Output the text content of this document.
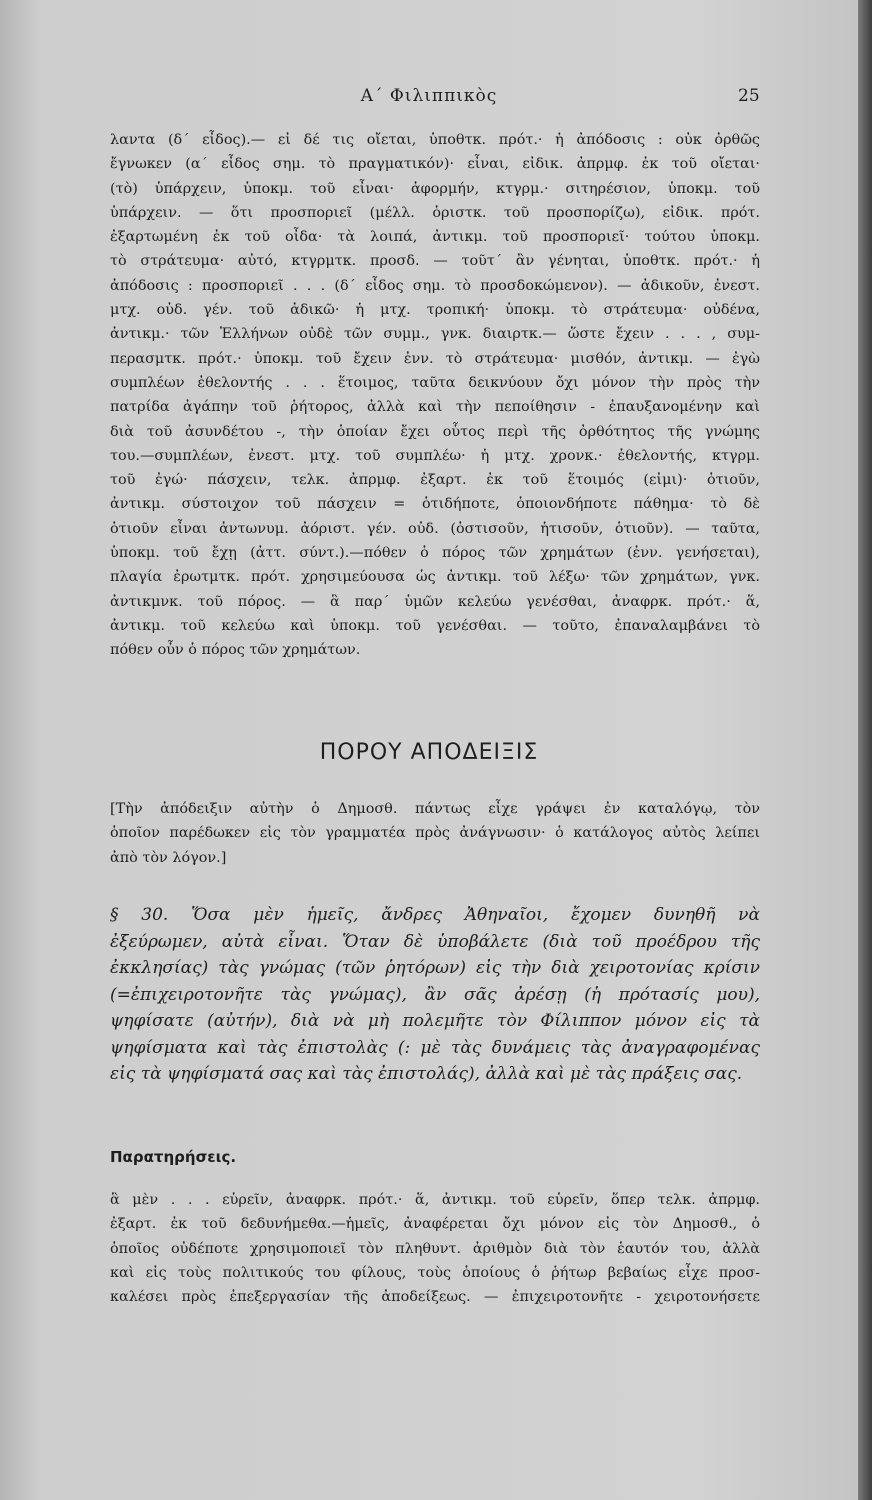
Α΄ Φιλιππικὸς	25
λαντα (δ΄ εἶδος).— εἰ δέ τις οἴεται, ὑποθτκ. πρότ.· ἡ ἀπόδοσις : οὐκ ὀρθῶς
ἔγνωκεν (α΄ εἶδος σημ. τὸ πραγματικόν)· εἶναι, εἰδικ. ἀπρμφ. ἐκ τοῦ οἴεται·
(τὸ) ὑπάρχειν, ὑποκμ. τοῦ εἶναι· ἀφορμήν, κτγρμ.· σιτηρέσιον, ὑποκμ. τοῦ
ὑπάρχειν. — ὅτι προσποριεῖ (μέλλ. ὁριστκ. τοῦ προσπορίζω), εἰδικ. πρότ.
ἐξαρτωμένη ἐκ τοῦ οἶδα· τὰ λοιπά, ἀντικμ. τοῦ προσποριεῖ· τούτου ὑποκμ.
τὸ στράτευμα· αὐτό, κτγρμτκ. προσδ. — τοῦτ΄ ἂν γένηται, ὑποθτκ. πρότ.· ἡ
ἀπόδοσις : προσποριεῖ . . . (δ΄ εἶδος σημ. τὸ προσδοκώμενον). — ἀδικοῦν, ἐνεστ.
μτχ. οὐδ. γέν. τοῦ ἀδικῶ· ἡ μτχ. τροπική· ὑποκμ. τὸ στράτευμα· οὐδένα,
ἀντικμ.· τῶν Ἑλλήνων οὐδὲ τῶν συμμ., γνκ. διαιρτκ.— ὥστε ἔχειν . . . , συμ-
περασμτκ. πρότ.· ὑποκμ. τοῦ ἔχειν ἐνν. τὸ στράτευμα· μισθόν, ἀντικμ. — ἐγὼ
συμπλέων ἐθελοντής . . . ἕτοιμος, ταῦτα δεικνύουν ὄχι μόνον τὴν πρὸς τὴν
πατρίδα ἀγάπην τοῦ ῥήτορος, ἀλλὰ καὶ τὴν πεποίθησιν - ἐπαυξανομένην καὶ
διὰ τοῦ ἀσυνδέτου -, τὴν ὁποίαν ἔχει οὗτος περὶ τῆς ὀρθότητος τῆς γνώμης
του.—συμπλέων, ἐνεστ. μτχ. τοῦ συμπλέω· ἡ μτχ. χρονκ.· ἐθελοντής, κτγρμ.
τοῦ ἐγώ· πάσχειν, τελκ. ἀπρμφ. ἐξαρτ. ἐκ τοῦ ἕτοιμός (εἰμι)· ὁτιοῦν,
ἀντικμ. σύστοιχον τοῦ πάσχειν = ὁτιδήποτε, ὁποιονδήποτε πάθημα· τὸ δὲ
ὁτιοῦν εἶναι ἀντωνυμ. ἀόριστ. γέν. οὐδ. (ὁστισοῦν, ἡτισοῦν, ὁτιοῦν). — ταῦτα,
ὑποκμ. τοῦ ἔχῃ (ἀττ. σύντ.).—πόθεν ὁ πόρος τῶν χρημάτων (ἐνν. γενήσεται),
πλαγία ἐρωτμτκ. πρότ. χρησιμεύουσα ὡς ἀντικμ. τοῦ λέξω· τῶν χρημάτων, γνκ.
ἀντικμνκ. τοῦ πόρος. — ἃ παρ΄ ὑμῶν κελεύω γενέσθαι, ἀναφρκ. πρότ.· ἅ,
ἀντικμ. τοῦ κελεύω καὶ ὑποκμ. τοῦ γενέσθαι. — τοῦτο, ἐπαναλαμβάνει τὸ
πόθεν οὖν ὁ πόρος τῶν χρημάτων.
ΠΟΡΟΥ ΑΠΟΔΕΙΞΙΣ
[Τὴν ἀπόδειξιν αὐτὴν ὁ Δημοσθ. πάντως εἶχε γράψει ἐν καταλόγῳ, τὸν
ὁποῖον παρέδωκεν εἰς τὸν γραμματέα πρὸς ἀνάγνωσιν· ὁ κατάλογος αὐτὸς λείπει
ἀπὸ τὸν λόγον.]
§ 30. Ὅσα μὲν ἡμεῖς, ἄνδρες Ἀθηναῖοι, ἔχομεν δυνηθῆ νὰ
ἐξεύρωμεν, αὐτὰ εἶναι. Ὅταν δὲ ὑποβάλετε (διὰ τοῦ προέδρου τῆς
ἐκκλησίας) τὰς γνώμας (τῶν ῥητόρων) εἰς τὴν διὰ χειροτονίας κρίσιν
(=ἐπιχειροτονῆτε τὰς γνώμας), ἂν σᾶς ἀρέσῃ (ἡ πρότασίς μου),
ψηφίσατε (αὐτήν), διὰ νὰ μὴ πολεμῆτε τὸν Φίλιππον μόνον εἰς τὰ
ψηφίσματα καὶ τὰς ἐπιστολὰς (: μὲ τὰς δυνάμεις τὰς ἀναγραφομένας
εἰς τὰ ψηφίσματά σας καὶ τὰς ἐπιστολάς), ἀλλὰ καὶ μὲ τὰς πράξεις σας.
Παρατηρήσεις.
ἃ μὲν . . . εὑρεῖν, ἀναφρκ. πρότ.· ἅ, ἀντικμ. τοῦ εὑρεῖν, ὅπερ τελκ. ἀπρμφ.
ἐξαρτ. ἐκ τοῦ δεδυνήμεθα.—ἡμεῖς, ἀναφέρεται ὄχι μόνον εἰς τὸν Δημοσθ., ὁ
ὁποῖος οὐδέποτε χρησιμοποιεῖ τὸν πληθυντ. ἀριθμὸν διὰ τὸν ἑαυτόν του, ἀλλὰ
καὶ εἰς τοὺς πολιτικούς του φίλους, τοὺς ὁποίους ὁ ῥήτωρ βεβαίως εἶχε προσ-
καλέσει πρὸς ἐπεξεργασίαν τῆς ἀποδείξεως. — ἐπιχειροτονῆτε - χειροτονήσετε
